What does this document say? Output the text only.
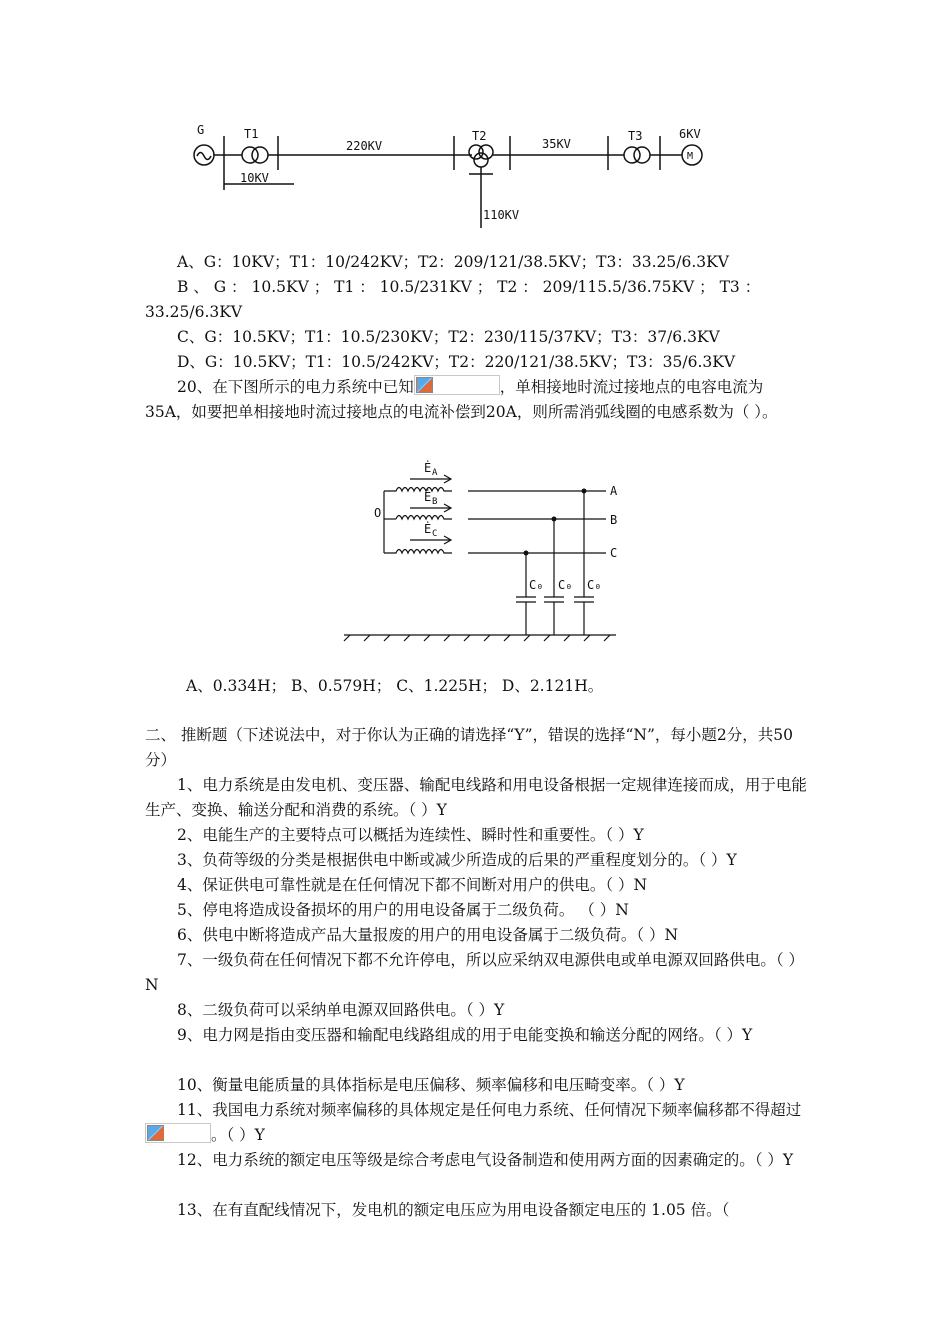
G	T1
220KV
10KV
T2
35KV
T3	6KV
M
110KV
A、G：10KV；T1：10/242KV；T2：209/121/38.5KV；T3：33.25/6.3KV
B 、 G ： 10.5KV ； T1 ： 10.5/231KV ； T2 ： 209/115.5/36.75KV ； T3 ：
33.25/6.3KV
C、G：10.5KV；T1：10.5/230KV；T2：230/115/37KV；T3：37/6.3KV
D、G：10.5KV；T1：10.5/242KV；T2：220/121/38.5KV；T3：35/6.3KV
20、在下图所示的电力系统中已知	，单相接地时流过接地点的电容电流为35A，如要把单相接地时流过接地点的电流补偿到20A，则所需消弧线圈的电感系数为（ ）。
Ė A
Ė B
Ė C
O
A
B
C
C₀ C₀ C₀
A、0.334H； B、0.579H； C、1.225H； D、2.121H。
二、 推断题（下述说法中，对于你认为正确的请选择“Y”，错误的选择“N”，每小题2分，共50分）
1、电力系统是由发电机、变压器、输配电线路和用电设备根据一定规律连接而成，用于电能生产、变换、输送分配和消费的系统。（ ）Y
2、电能生产的主要特点可以概括为连续性、瞬时性和重要性。（ ）Y
3、负荷等级的分类是根据供电中断或减少所造成的后果的严重程度划分的。（ ）Y
4、保证供电可靠性就是在任何情况下都不间断对用户的供电。（ ）N
5、停电将造成设备损坏的用户的用电设备属于二级负荷。 （ ）N
6、供电中断将造成产品大量报废的用户的用电设备属于二级负荷。（ ）N
7、一级负荷在任何情况下都不允许停电，所以应采纳双电源供电或单电源双回路供电。（ ）N
8、二级负荷可以采纳单电源双回路供电。（ ）Y
9、电力网是指由变压器和输配电线路组成的用于电能变换和输送分配的网络。（ ）Y
10、衡量电能质量的具体指标是电压偏移、频率偏移和电压畸变率。（ ）Y
11、我国电力系统对频率偏移的具体规定是任何电力系统、任何情况下频率偏移都不得超过。（ ）Y
12、电力系统的额定电压等级是综合考虑电气设备制造和使用两方面的因素确定的。（ ）Y
13、在有直配线情况下，发电机的额定电压应为用电设备额定电压的 1.05 倍。（
